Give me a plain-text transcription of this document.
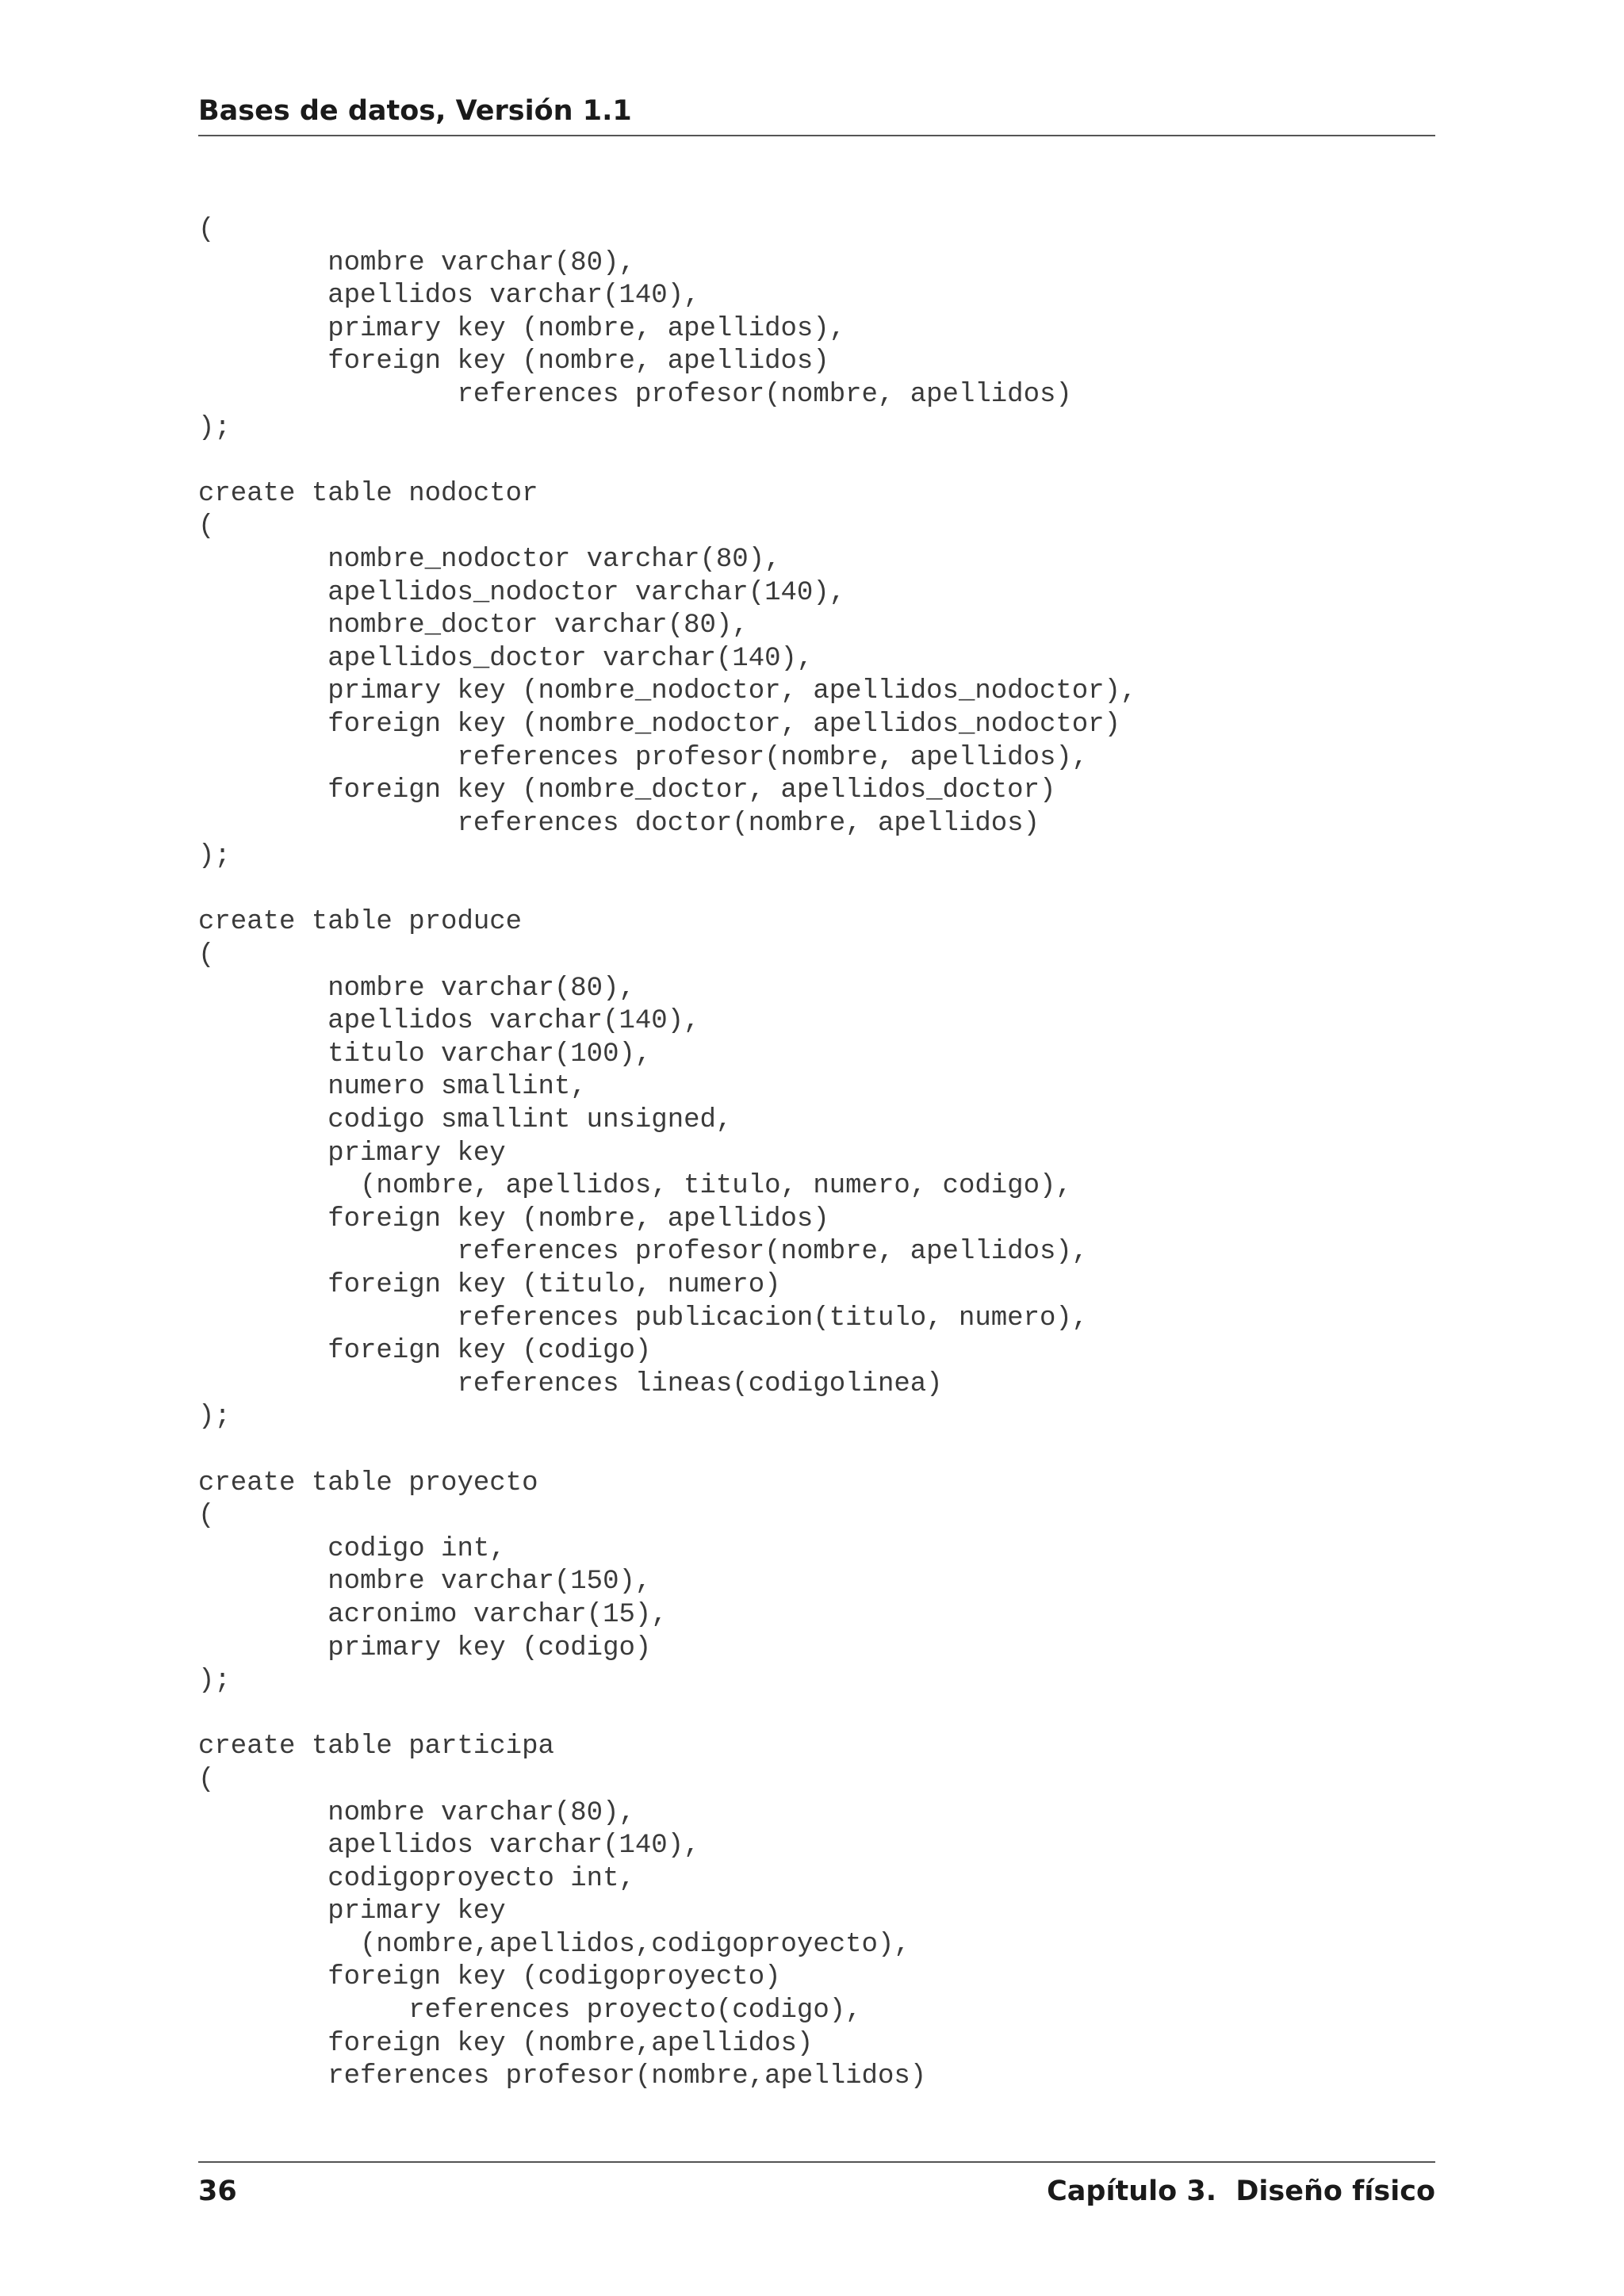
Bases de datos, Versión 1.1
(
nombre varchar(80),
apellidos varchar(140),
primary key (nombre, apellidos),
foreign key (nombre, apellidos)
references profesor(nombre, apellidos)
);
create table nodoctor
(
nombre_nodoctor varchar(80),
apellidos_nodoctor varchar(140),
nombre_doctor varchar(80),
apellidos_doctor varchar(140),
primary key (nombre_nodoctor, apellidos_nodoctor),
foreign key (nombre_nodoctor, apellidos_nodoctor)
references profesor(nombre, apellidos),
foreign key (nombre_doctor, apellidos_doctor)
references doctor(nombre, apellidos)
);
create table produce
(
nombre varchar(80),
apellidos varchar(140),
titulo varchar(100),
numero smallint,
codigo smallint unsigned,
primary key
(nombre, apellidos, titulo, numero, codigo),
foreign key (nombre, apellidos)
references profesor(nombre, apellidos),
foreign key (titulo, numero)
references publicacion(titulo, numero),
foreign key (codigo)
references lineas(codigolinea)
);
create table proyecto
(
codigo int,
nombre varchar(150),
acronimo varchar(15),
primary key (codigo)
);
create table participa
(
nombre varchar(80),
apellidos varchar(140),
codigoproyecto int,
primary key
(nombre,apellidos,codigoproyecto),
foreign key (codigoproyecto)
references proyecto(codigo),
foreign key (nombre,apellidos)
references profesor(nombre,apellidos)
36	Capítulo 3.  Diseño físico
